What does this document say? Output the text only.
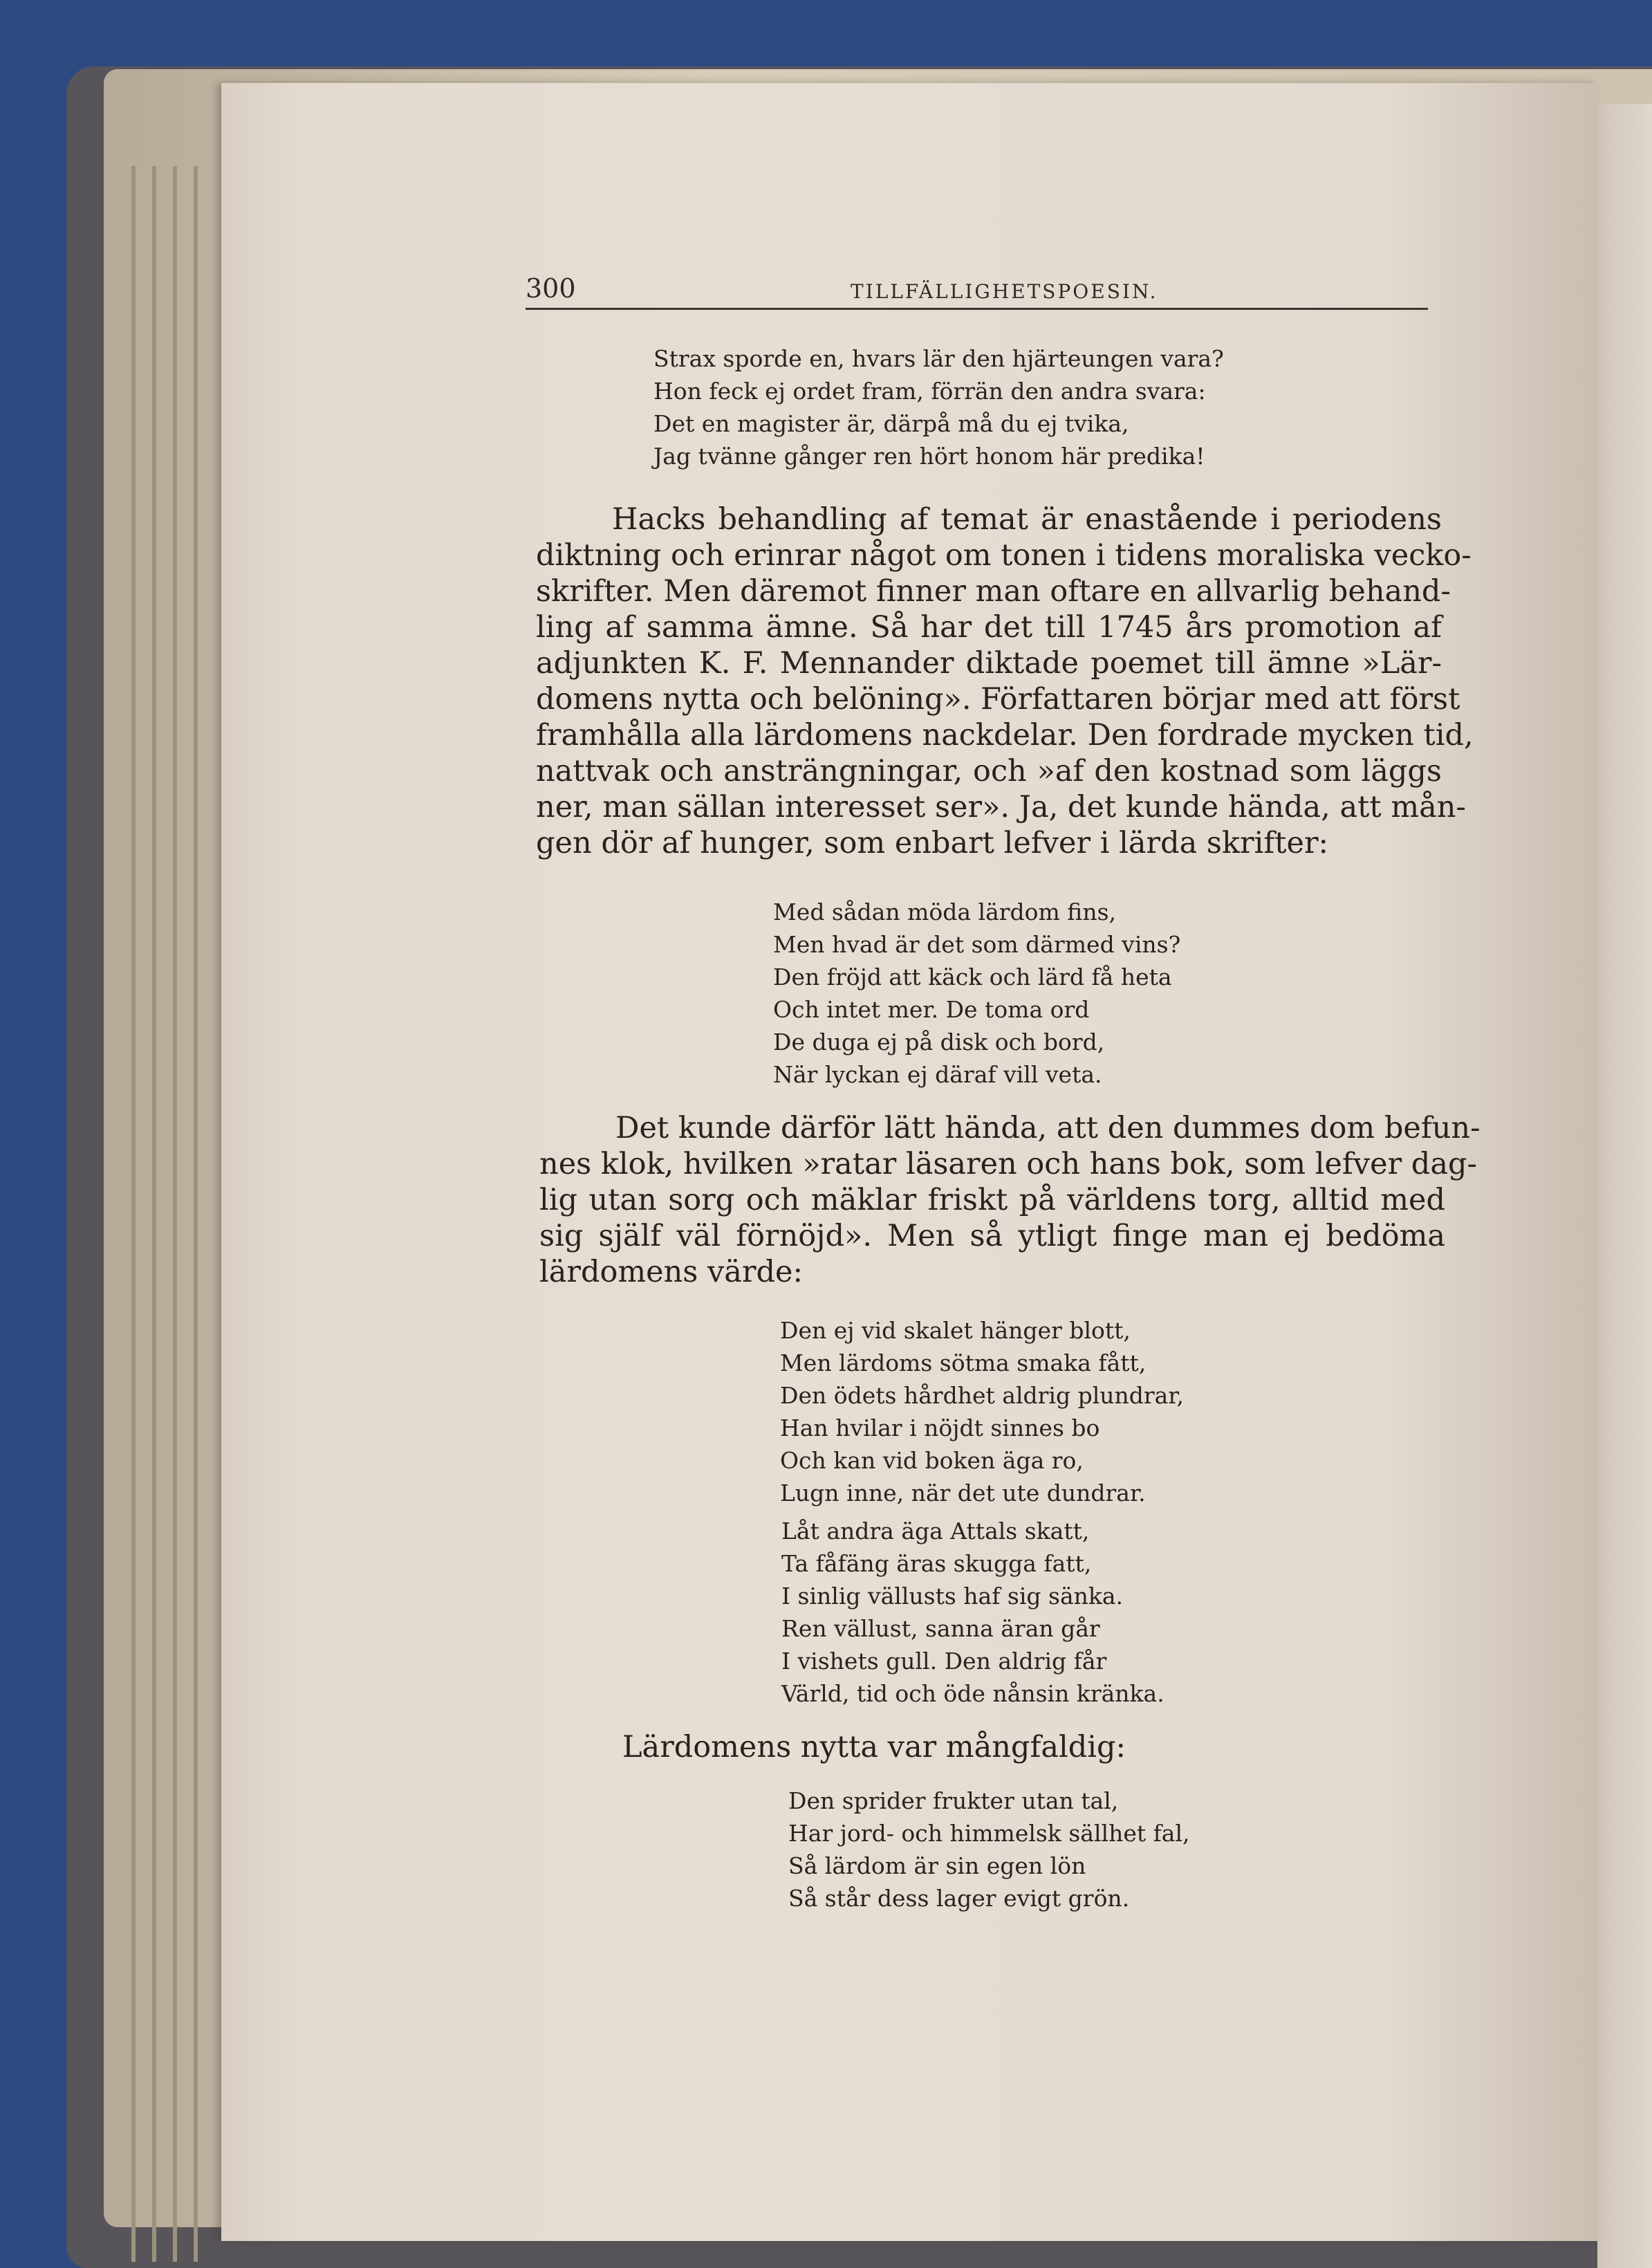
300	TILLFÄLLIGHETSPOESIN.
Strax sporde en, hvars lär den hjärteungen vara?
Hon feck ej ordet fram, förrän den andra svara:
Det en magister är, därpå må du ej tvika,
Jag tvänne gånger ren hört honom här predika!
Hacks behandling af temat är enastående i periodens
diktning och erinrar något om tonen i tidens moraliska vecko-
skrifter. Men däremot finner man oftare en allvarlig behand-
ling af samma ämne. Så har det till 1745 års promotion af
adjunkten K. F. Mennander diktade poemet till ämne »Lär-
domens nytta och belöning». Författaren börjar med att först
framhålla alla lärdomens nackdelar. Den fordrade mycken tid,
nattvak och ansträngningar, och »af den kostnad som läggs
ner, man sällan interesset ser». Ja, det kunde hända, att mån-
gen dör af hunger, som enbart lefver i lärda skrifter:
Med sådan möda lärdom fins,
Men hvad är det som därmed vins?
Den fröjd att käck och lärd få heta
Och intet mer. De toma ord
De duga ej på disk och bord,
När lyckan ej däraf vill veta.
Det kunde därför lätt hända, att den dummes dom befun-
nes klok, hvilken »ratar läsaren och hans bok, som lefver dag-
lig utan sorg och mäklar friskt på världens torg, alltid med
sig själf väl förnöjd». Men så ytligt finge man ej bedöma
lärdomens värde:
Den ej vid skalet hänger blott,
Men lärdoms sötma smaka fått,
Den ödets hårdhet aldrig plundrar,
Han hvilar i nöjdt sinnes bo
Och kan vid boken äga ro,
Lugn inne, när det ute dundrar.
Låt andra äga Attals skatt,
Ta fåfäng äras skugga fatt,
I sinlig vällusts haf sig sänka.
Ren vällust, sanna äran går
I vishets gull. Den aldrig får
Värld, tid och öde nånsin kränka.
Lärdomens nytta var mångfaldig:
Den sprider frukter utan tal,
Har jord- och himmelsk sällhet fal,
Så lärdom är sin egen lön
Så står dess lager evigt grön.
